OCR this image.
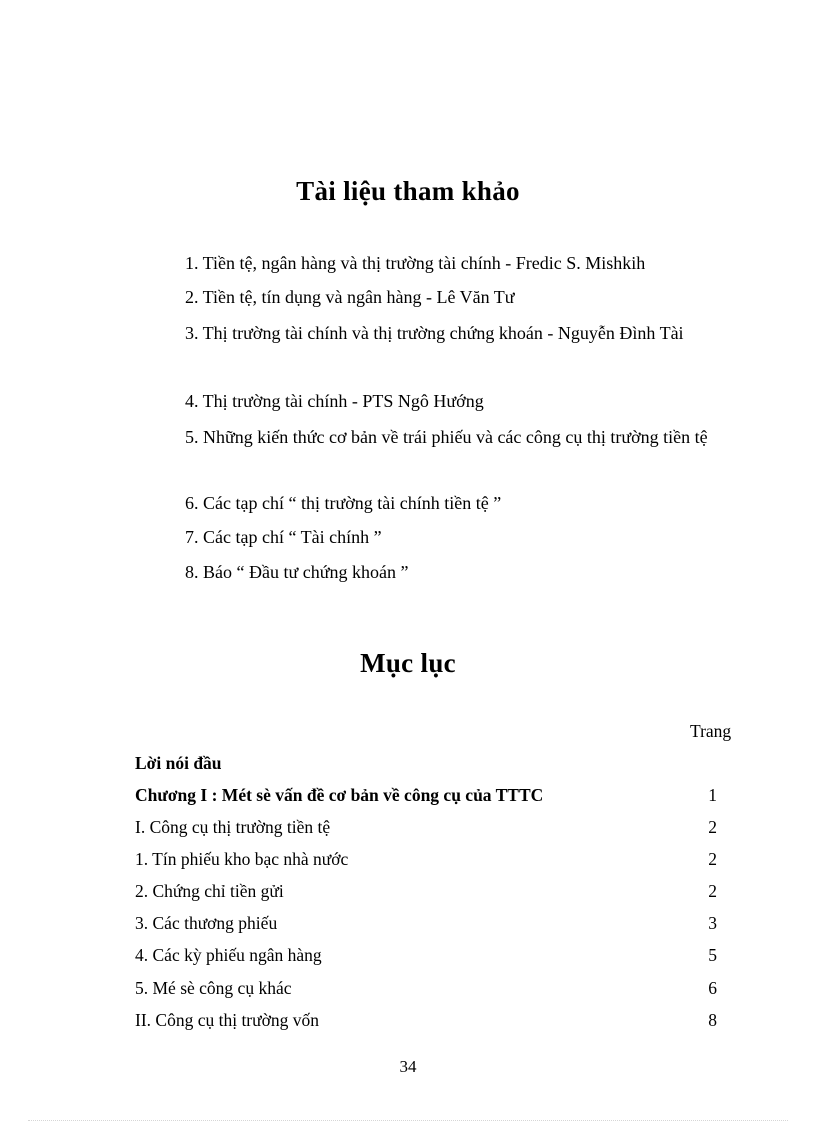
Tài liệu tham khảo
1. Tiền tệ, ngân hàng và thị trường tài chính - Fredic S. Mishkih
2. Tiền tệ, tín dụng và ngân hàng - Lê Văn Tư
3. Thị trường tài chính và thị trường chứng khoán - Nguyễn Đình Tài
4. Thị trường tài chính - PTS Ngô Hướng
5. Những kiến thức cơ bản về trái phiếu và các công cụ thị trường tiền tệ
6. Các tạp chí “ thị trường tài chính tiền tệ ”
7. Các tạp chí “ Tài chính ”
8. Báo “ Đầu tư chứng khoán ”
Mục lục
Trang
Lời nói đầu
Chương I : Mét sè vấn đề cơ bản về công cụ của TTTC	1
I. Công cụ thị trường tiền tệ	2
1. Tín phiếu kho bạc nhà nước	2
2. Chứng chỉ tiền gửi	2
3. Các thương phiếu	3
4. Các kỳ phiếu ngân hàng	5
5. Mé sè công cụ khác	6
II. Công cụ thị trường vốn	8
34
